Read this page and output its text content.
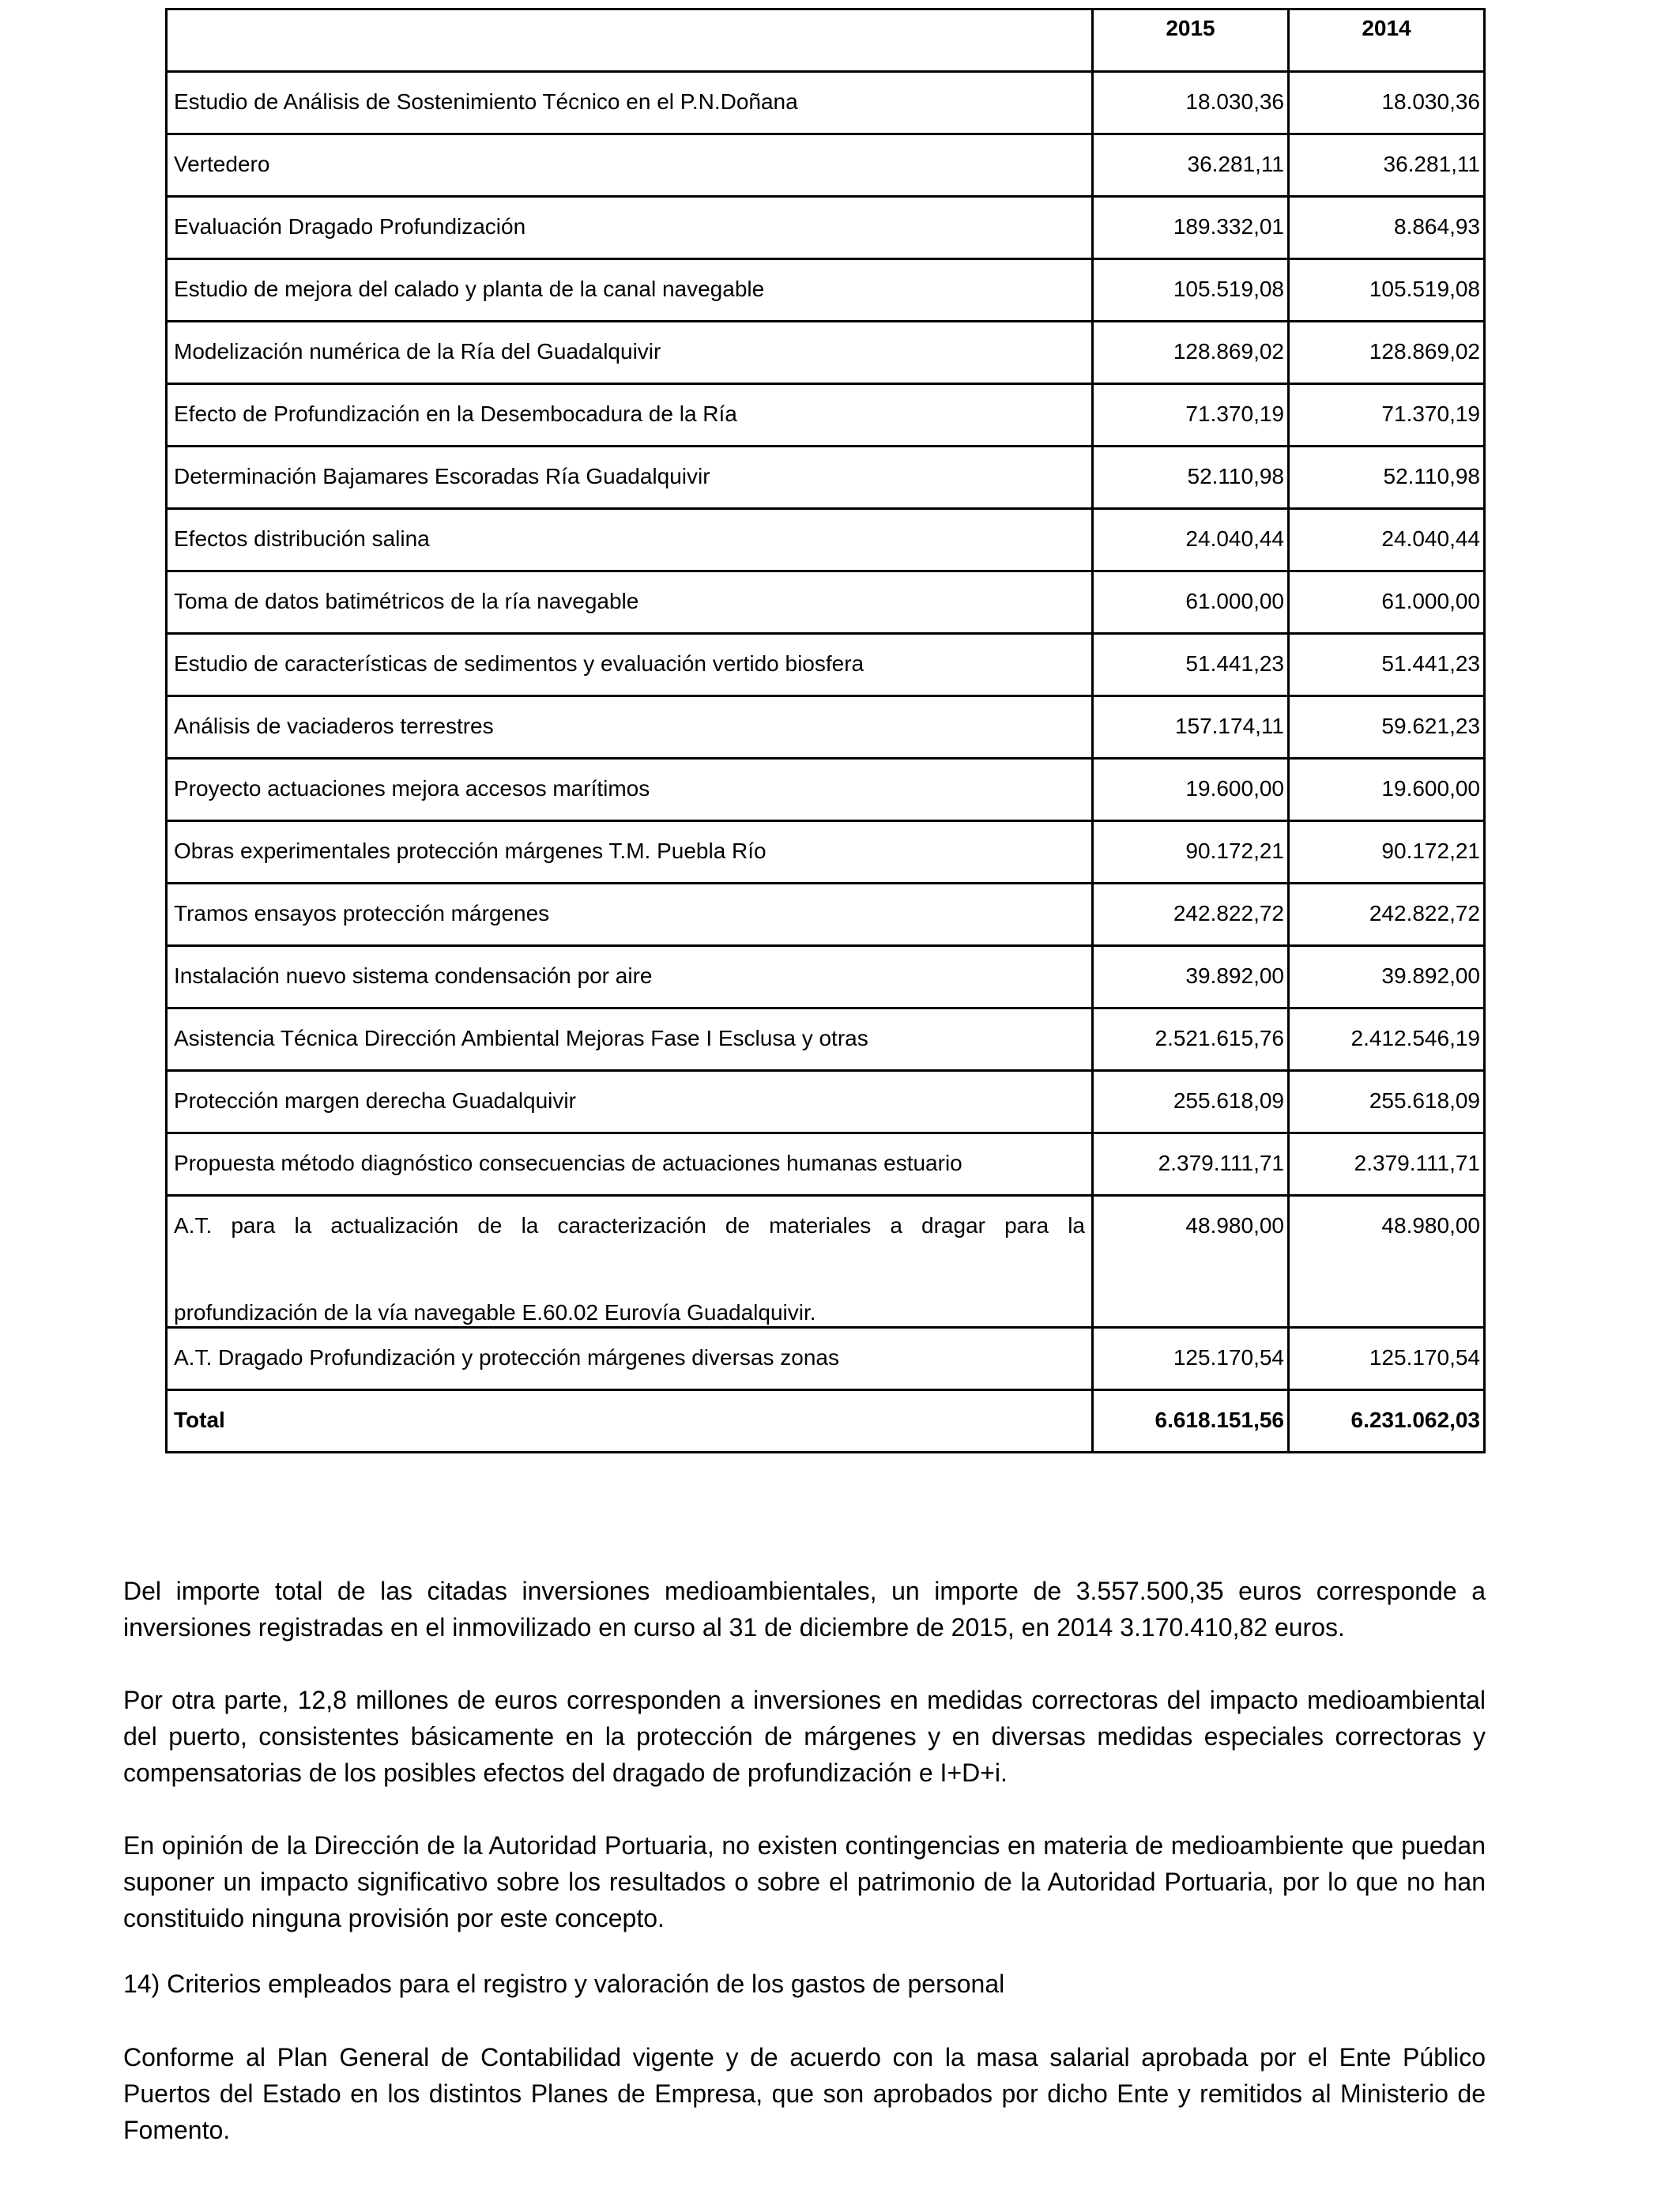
	2015	2014
Estudio de Análisis de Sostenimiento Técnico en el P.N.Doñana	18.030,36	18.030,36
Vertedero	36.281,11	36.281,11
Evaluación Dragado Profundización	189.332,01	8.864,93
Estudio de mejora del calado y planta de la canal navegable	105.519,08	105.519,08
Modelización numérica de la Ría del Guadalquivir	128.869,02	128.869,02
Efecto de Profundización en la Desembocadura de la Ría	71.370,19	71.370,19
Determinación Bajamares Escoradas Ría Guadalquivir	52.110,98	52.110,98
Efectos distribución salina	24.040,44	24.040,44
Toma de datos batimétricos de la ría navegable	61.000,00	61.000,00
Estudio de características de sedimentos y evaluación vertido biosfera	51.441,23	51.441,23
Análisis de vaciaderos terrestres	157.174,11	59.621,23
Proyecto actuaciones mejora accesos marítimos	19.600,00	19.600,00
Obras experimentales protección márgenes T.M. Puebla Río	90.172,21	90.172,21
Tramos ensayos protección márgenes	242.822,72	242.822,72
Instalación nuevo sistema condensación por aire	39.892,00	39.892,00
Asistencia Técnica Dirección Ambiental Mejoras Fase I Esclusa y otras	2.521.615,76	2.412.546,19
Protección margen derecha Guadalquivir	255.618,09	255.618,09
Propuesta método diagnóstico consecuencias de actuaciones humanas estuario	2.379.111,71	2.379.111,71

A.T. para la actualización de la caracterización de materiales a dragar para la
profundización de la vía navegable E.60.02 Eurovía Guadalquivir.	48.980,00	48.980,00
A.T. Dragado Profundización y protección márgenes diversas zonas	125.170,54	125.170,54
Total	6.618.151,56	6.231.062,03

Del importe total de las citadas inversiones medioambientales, un importe de 3.557.500,35 euros corresponde a inversiones registradas en el inmovilizado en curso al 31 de diciembre de 2015, en 2014 3.170.410,82 euros.

Por otra parte, 12,8 millones de euros corresponden a inversiones en medidas correctoras del impacto medioambiental del puerto, consistentes básicamente en la protección de márgenes y en diversas medidas especiales correctoras y compensatorias de los posibles efectos del dragado de profundización e I+D+i.

En opinión de la Dirección de la Autoridad Portuaria, no existen contingencias en materia de medioambiente que puedan suponer un impacto significativo sobre los resultados o sobre el patrimonio de la Autoridad Portuaria, por lo que no han constituido ninguna provisión por este concepto.

14) Criterios empleados para el registro y valoración de los gastos de personal

Conforme al Plan General de Contabilidad vigente y de acuerdo con la masa salarial aprobada por el Ente Público Puertos del Estado en los distintos Planes de Empresa, que son aprobados por dicho Ente y remitidos al Ministerio de Fomento.
